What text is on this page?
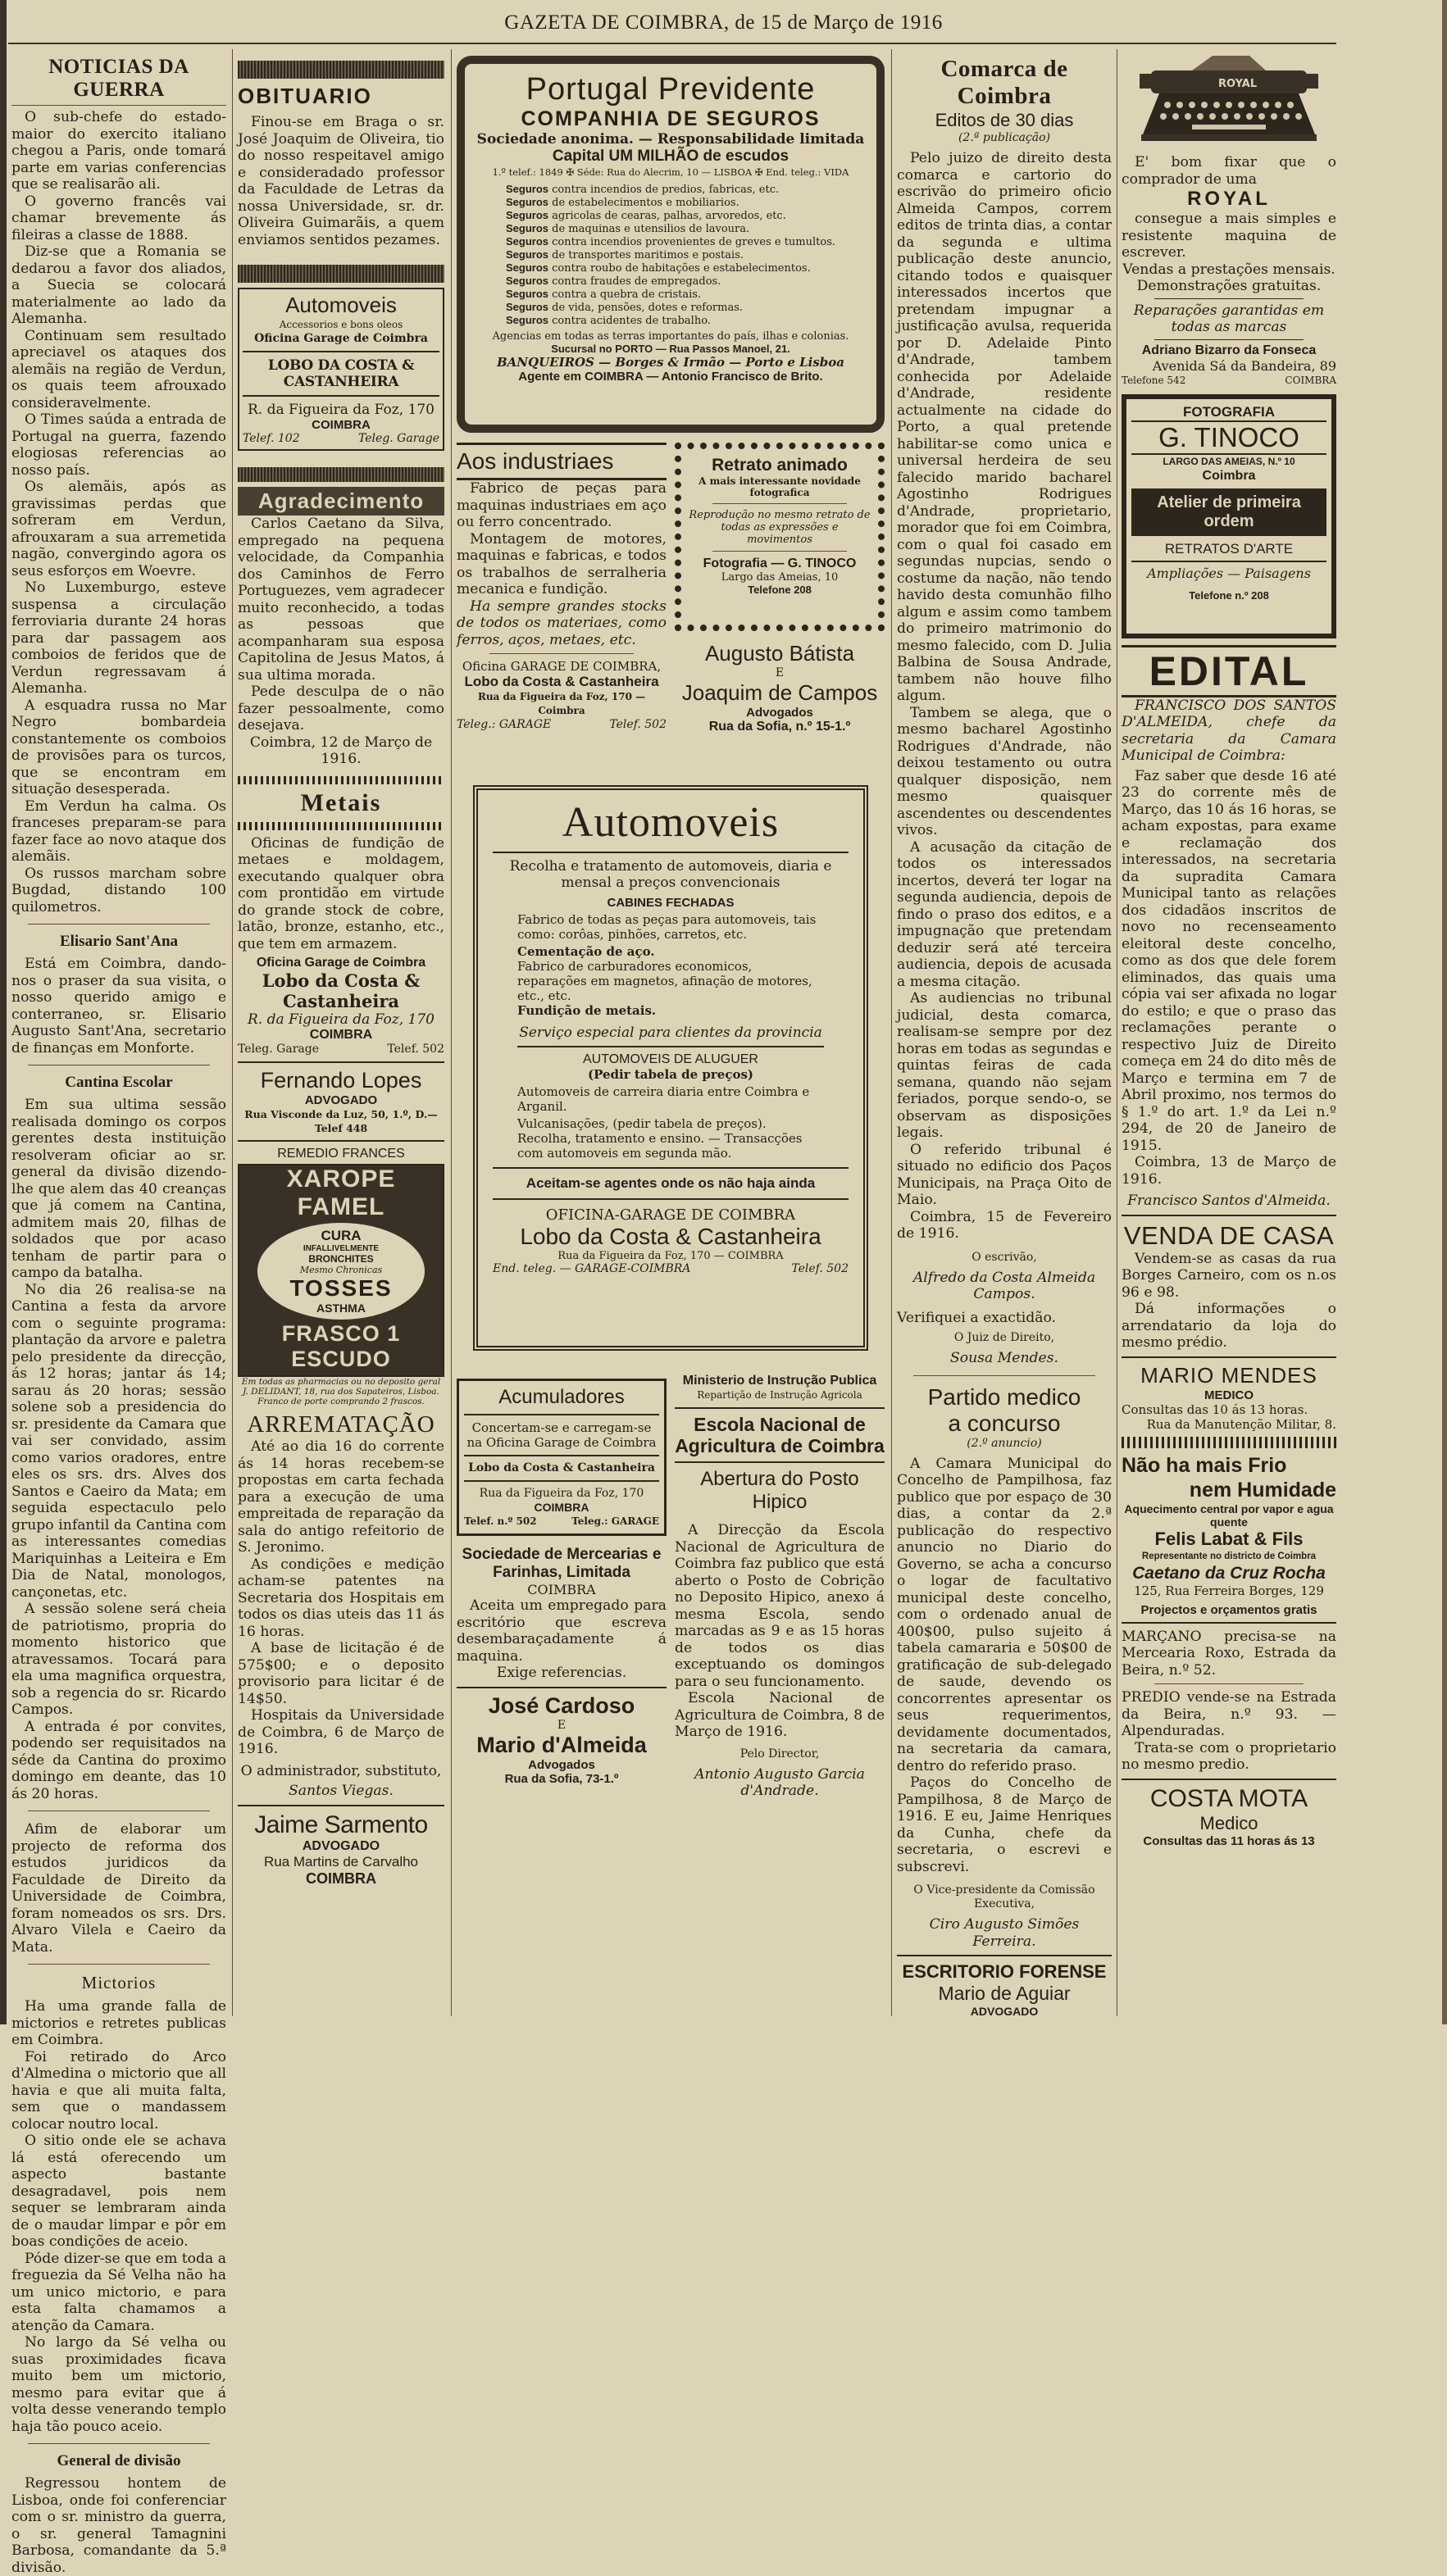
GAZETA DE COIMBRA, de 15 de Março de 1916
NOTICIAS DA GUERRA

O sub-chefe do estado-maior do exercito italiano chegou a Paris, onde tomará parte em varias conferencias que se realisarão ali.

O governo francês vai chamar brevemente ás fileiras a classe de 1888.

Diz-se que a Romania se dedarou a favor dos aliados, a Suecia se colocará materialmente ao lado da Alemanha.

Continuam sem resultado apreciavel os ataques dos alemãis na região de Verdun, os quais teem afrouxado consideravelmente.

O Times saúda a entrada de Portugal na guerra, fazendo elogiosas referencias ao nosso país.

Os alemãis, após as gravissimas perdas que sofreram em Verdun, afrouxaram a sua arremetida nagão, convergindo agora os seus esforços em Woevre.

No Luxemburgo, esteve suspensa a circulação ferroviaria durante 24 horas para dar passagem aos comboios de feridos que de Verdun regressavam á Alemanha.

A esquadra russa no Mar Negro bombardeia constantemente os comboios de provisões para os turcos, que se encontram em situação desesperada.

Em Verdun ha calma. Os franceses preparam-se para fazer face ao novo ataque dos alemãis.

Os russos marcham sobre Bugdad, distando 100 quilometros.

Elisario Sant'Ana

Está em Coimbra, dando-nos o praser da sua visita, o nosso querido amigo e conterraneo, sr. Elisario Augusto Sant'Ana, secretario de finanças em Monforte.

Cantina Escolar

Em sua ultima sessão realisada domingo os corpos gerentes desta instituição resolveram oficiar ao sr. general da divisão dizendo-lhe que alem das 40 creanças que já comem na Cantina, admitem mais 20, filhas de soldados que por acaso tenham de partir para o campo da batalha.

No dia 26 realisa-se na Cantina a festa da arvore com o seguinte programa: plantação da arvore e paletra pelo presidente da direcção, ás 12 horas; jantar ás 14; sarau ás 20 horas; sessão solene sob a presidencia do sr. presidente da Camara que vai ser convidado, assim como varios oradores, entre eles os srs. drs. Alves dos Santos e Caeiro da Mata; em seguida espectaculo pelo grupo infantil da Cantina com as interessantes comedias Mariquinhas a Leiteira e Em Dia de Natal, monologos, cançonetas, etc.

A sessão solene será cheia de patriotismo, propria do momento historico que atravessamos. Tocará para ela uma magnifica orquestra, sob a regencia do sr. Ricardo Campos.

A entrada é por convites, podendo ser requisitados na séde da Cantina do proximo domingo em deante, das 10 ás 20 horas.

Afim de elaborar um projecto de reforma dos estudos juridicos da Faculdade de Direito da Universidade de Coimbra, foram nomeados os srs. Drs. Alvaro Vilela e Caeiro da Mata.

Mictorios

Ha uma grande falla de mictorios e retretes publicas em Coimbra.

Foi retirado do Arco d'Almedina o mictorio que all havia e que ali muita falta, sem que o mandassem colocar noutro local.

O sitio onde ele se achava lá está oferecendo um aspecto bastante desagradavel, pois nem sequer se lembraram ainda de o maudar limpar e pôr em boas condições de aceio.

Póde dizer-se que em toda a freguezia da Sé Velha não ha um unico mictorio, e para esta falta chamamos a atenção da Camara.

No largo da Sé velha ou suas proximidades ficava muito bem um mictorio, mesmo para evitar que á volta desse venerando templo haja tão pouco aceio.

General de divisão

Regressou hontem de Lisboa, onde foi conferenciar com o sr. ministro da guerra, o sr. general Tamagnini Barbosa, comandante da 5.ª divisão.

OBITUARIO

Finou-se em Braga o sr. José Joaquim de Oliveira, tio do nosso respeitavel amigo e consideradado professor da Faculdade de Letras da nossa Universidade, sr. dr. Oliveira Guimarãis, a quem enviamos sentidos pezames.

Automoveis
Accessorios e bons oleos
Oficina Garage de Coimbra
LOBO DA COSTA & CASTANHEIRA
R. da Figueira da Foz, 170
COIMBRA
Telef. 102	Teleg. Garage
Agradecimento

Carlos Caetano da Silva, empregado na pequena velocidade, da Companhia dos Caminhos de Ferro Portuguezes, vem agradecer muito reconhecido, a todas as pessoas que acompanharam sua esposa Capitolina de Jesus Matos, á sua ultima morada.

Pede desculpa de o não fazer pessoalmente, como desejava.

Coimbra, 12 de Março de 1916.

Metais

Oficinas de fundição de metaes e moldagem, executando qualquer obra com prontidão em virtude do grande stock de cobre, latão, bronze, estanho, etc., que tem em armazem.

Oficina Garage de Coimbra
Lobo da Costa & Castanheira
R. da Figueira da Foz, 170
COIMBRA
Teleg. Garage	Telef. 502
Fernando Lopes
ADVOGADO
Rua Visconde da Luz, 50, 1.º, D.—Telef 448
REMEDIO FRANCES
XAROPE FAMEL
CURA
INFALLIVELMENTE
BRONCHITES
Mesmo Chronicas
TOSSES
ASTHMA
FRASCO 1 ESCUDO
Em todas as pharmacias ou no deposito geral J. DELIDANT, 18, rua dos Sapateiros, Lisboa. Franco de porte comprando 2 frascos.
ARREMATAÇÃO

Até ao dia 16 do corrente ás 14 horas recebem-se propostas em carta fechada para a execução de uma empreitada de reparação da sala do antigo refeitorio de S. Jeronimo.

As condições e medição acham-se patentes na Secretaria dos Hospitais em todos os dias uteis das 11 ás 16 horas.

A base de licitação é de 575$00; e o deposito provisorio para licitar é de 14$50.

Hospitais da Universidade de Coimbra, 6 de Março de 1916.

O administrador, substituto,

Santos Viegas.

Jaime Sarmento
ADVOGADO
Rua Martins de Carvalho
COIMBRA
Portugal Previdente
COMPANHIA DE SEGUROS
Sociedade anonima. — Responsabilidade limitada
Capital UM MILHÃO de escudos
1.º telef.: 1849 ✠ Séde: Rua do Alecrim, 10 — LISBOA ✠ End. teleg.: VIDA
Seguros contra incendios de predios, fabricas, etc.
Seguros de estabelecimentos e mobiliarios.
Seguros agricolas de cearas, palhas, arvoredos, etc.
Seguros de maquinas e utensilios de lavoura.
Seguros contra incendios provenientes de greves e tumultos.
Seguros de transportes maritimos e postais.
Seguros contra roubo de habitações e estabelecimentos.
Seguros contra fraudes de empregados.
Seguros contra a quebra de cristais.
Seguros de vida, pensões, dotes e reformas.
Seguros contra acidentes de trabalho.
Agencias em todas as terras importantes do país, ilhas e colonias.
Sucursal no PORTO — Rua Passos Manoel, 21.
BANQUEIROS — Borges & Irmão — Porto e Lisboa
Agente em COIMBRA — Antonio Francisco de Brito.
Aos industriaes

Fabrico de peças para maquinas industriaes em aço ou ferro concentrado.

Montagem de motores, maquinas e fabricas, e todos os trabalhos de serralheria mecanica e fundição.

Ha sempre grandes stocks de todos os materiaes, como ferros, aços, metaes, etc.

Oficina GARAGE DE COIMBRA,
Lobo da Costa & Castanheira
Rua da Figueira da Foz, 170 — Coimbra
Teleg.: GARAGE	Telef. 502
Retrato animado
A mais interessante novidade fotografica
Reprodução no mesmo retrato de todas as expressões e movimentos
Fotografia — G. TINOCO
Largo das Ameias, 10
Telefone 208
Augusto Bátista
E
Joaquim de Campos
Advogados
Rua da Sofia, n.º 15-1.º
Automoveis
Recolha e tratamento de automoveis, diaria e mensal a preços convencionais
CABINES FECHADAS
Fabrico de todas as peças para automoveis, tais como: corôas, pinhões, carretos, etc.
Cementação de aço.
Fabrico de carburadores economicos, reparações em magnetos, afinação de motores, etc., etc.
Fundição de metais.
Serviço especial para clientes da provincia
AUTOMOVEIS DE ALUGUER
(Pedir tabela de preços)
Automoveis de carreira diaria entre Coimbra e Arganil.
Vulcanisações, (pedir tabela de preços).
Recolha, tratamento e ensino. — Transacções com automoveis em segunda mão.
Aceitam-se agentes onde os não haja ainda
OFICINA-GARAGE DE COIMBRA
Lobo da Costa & Castanheira
Rua da Figueira da Foz, 170 — COIMBRA
End. teleg. — GARAGE-COIMBRA	Telef. 502
Acumuladores
Concertam-se e carregam-se na Oficina Garage de Coimbra
Lobo da Costa & Castanheira
Rua da Figueira da Foz, 170
COIMBRA
Telef. n.º 502	Teleg.: GARAGE
Sociedade de Mercearias e Farinhas, Limitada
COIMBRA

Aceita um empregado para escritório que escreva desembaraçadamente á maquina.

Exige referencias.

José Cardoso
E
Mario d'Almeida
Advogados
Rua da Sofia, 73-1.º
Ministerio de Instrução Publica
Repartição de Instrução Agricola
Escola Nacional de Agricultura de Coimbra
Abertura do Posto Hipico

A Direcção da Escola Nacional de Agricultura de Coimbra faz publico que está aberto o Posto de Cobrição no Deposito Hipico, anexo á mesma Escola, sendo marcadas as 9 e as 15 horas de todos os dias exceptuando os domingos para o seu funcionamento.

Escola Nacional de Agricultura de Coimbra, 8 de Março de 1916.

Pelo Director,

Antonio Augusto Garcia d'Andrade.

Comarca de Coimbra
Editos de 30 dias
(2.ª publicação)

Pelo juizo de direito desta comarca e cartorio do escrivão do primeiro oficio Almeida Campos, correm editos de trinta dias, a contar da segunda e ultima publicação deste anuncio, citando todos e quaisquer interessados incertos que pretendam impugnar a justificação avulsa, requerida por D. Adelaide Pinto d'Andrade, tambem conhecida por Adelaide d'Andrade, residente actualmente na cidade do Porto, a qual pretende habilitar-se como unica e universal herdeira de seu falecido marido bacharel Agostinho Rodrigues d'Andrade, proprietario, morador que foi em Coimbra, com o qual foi casado em segundas nupcias, sendo o costume da nação, não tendo havido desta comunhão filho algum e assim como tambem do primeiro matrimonio do mesmo falecido, com D. Julia Balbina de Sousa Andrade, tambem não houve filho algum.

Tambem se alega, que o mesmo bacharel Agostinho Rodrigues d'Andrade, não deixou testamento ou outra qualquer disposição, nem mesmo quaisquer ascendentes ou descendentes vivos.

A acusação da citação de todos os interessados incertos, deverá ter logar na segunda audiencia, depois de findo o praso dos editos, e a impugnação que pretendam deduzir será até terceira audiencia, depois de acusada a mesma citação.

As audiencias no tribunal judicial, desta comarca, realisam-se sempre por dez horas em todas as segundas e quintas feiras de cada semana, quando não sejam feriados, porque sendo-o, se observam as disposições legais.

O referido tribunal é situado no edificio dos Paços Municipais, na Praça Oito de Maio.

Coimbra, 15 de Fevereiro de 1916.

O escrivão,

Alfredo da Costa Almeida Campos.

Verifiquei a exactidão.

O Juiz de Direito,

Sousa Mendes.

Partido medico
a concurso
(2.º anuncio)

A Camara Municipal do Concelho de Pampilhosa, faz publico que por espaço de 30 dias, a contar da 2.ª publicação do respectivo anuncio no Diario do Governo, se acha a concurso o logar de facultativo municipal deste concelho, com o ordenado anual de 400$00, pulso sujeito á tabela camararia e 50$00 de gratificação de sub-delegado de saude, devendo os concorrentes apresentar os seus requerimentos, devidamente documentados, na secretaria da camara, dentro do referido praso.

Paços do Concelho de Pampilhosa, 8 de Março de 1916. E eu, Jaime Henriques da Cunha, chefe da secretaria, o escrevi e subscrevi.

O Vice-presidente da Comissão Executiva,

Ciro Augusto Simões Ferreira.

ESCRITORIO FORENSE
Mario de Aguiar
ADVOGADO
ROYAL

E' bom fixar que o comprador de uma

ROYAL

consegue a mais simples e resistente maquina de escrever.

Vendas a prestações mensais. Demonstrações gratuitas.

Reparações garantidas em todas as marcas

Adriano Bizarro da Fonseca
Avenida Sá da Bandeira, 89
Telefone 542	COIMBRA
FOTOGRAFIA
G. TINOCO
LARGO DAS AMEIAS, N.º 10
Coimbra
Atelier de primeira ordem
RETRATOS D'ARTE
Ampliações — Paisagens
Telefone n.º 208
EDITAL

FRANCISCO DOS SANTOS D'ALMEIDA, chefe da secretaria da Camara Municipal de Coimbra:

Faz saber que desde 16 até 23 do corrente mês de Março, das 10 ás 16 horas, se acham expostas, para exame e reclamação dos interessados, na secretaria da supradita Camara Municipal tanto as relações dos cidadãos inscritos de novo no recenseamento eleitoral deste concelho, como as dos que dele forem eliminados, das quais uma cópia vai ser afixada no logar do estilo; e que o praso das reclamações perante o respectivo Juiz de Direito começa em 24 do dito mês de Março e termina em 7 de Abril proximo, nos termos do § 1.º do art. 1.º da Lei n.º 294, de 20 de Janeiro de 1915.

Coimbra, 13 de Março de 1916.

Francisco Santos d'Almeida.

VENDA DE CASA

Vendem-se as casas da rua Borges Carneiro, com os n.os 96 e 98.

Dá informações o arrendatario da loja do mesmo prédio.

MARIO MENDES
MEDICO
Consultas das 10 ás 13 horas.
Rua da Manutenção Militar, 8.
Não ha mais Frio
nem Humidade
Aquecimento central por vapor e agua quente
Felis Labat & Fils
Representante no districto de Coimbra
Caetano da Cruz Rocha
125, Rua Ferreira Borges, 129
Projectos e orçamentos gratis

MARÇANO precisa-se na Mercearia Roxo, Estrada da Beira, n.º 52.

PREDIO vende-se na Estrada da Beira, n.º 93. — Alpenduradas.

Trata-se com o proprietario no mesmo predio.

COSTA MOTA
Medico
Consultas das 11 horas ás 13
